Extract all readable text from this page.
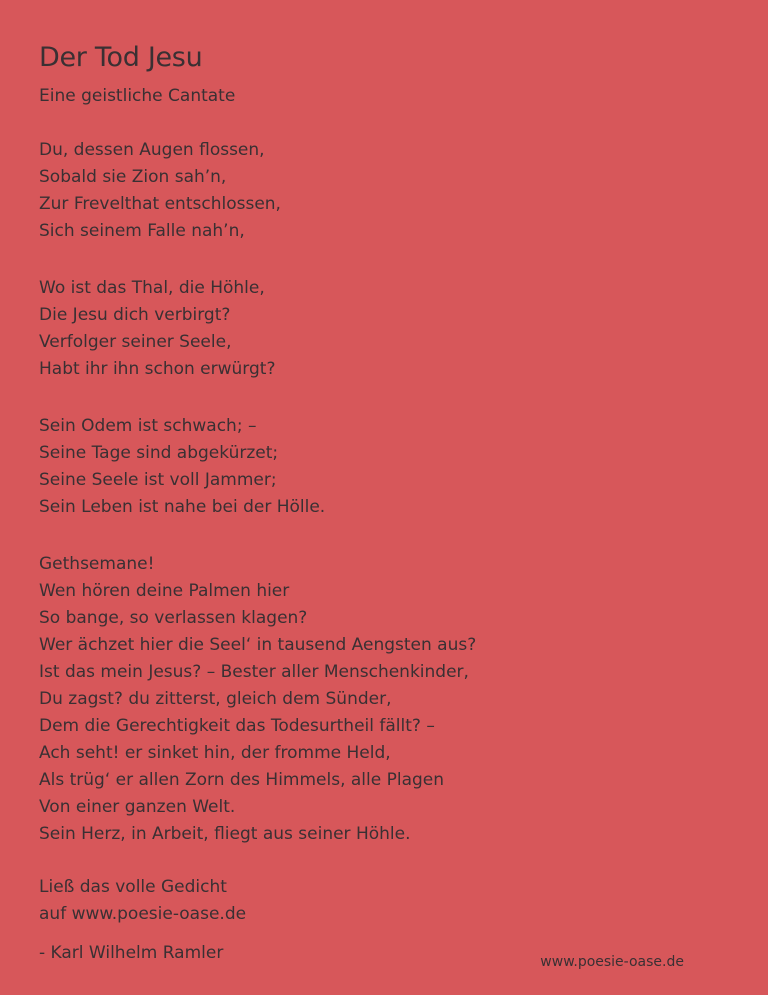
Der Tod Jesu
Eine geistliche Cantate
Du, dessen Augen flossen,
Sobald sie Zion sah’n,
Zur Frevelthat entschlossen,
Sich seinem Falle nah’n,
Wo ist das Thal, die Höhle,
Die Jesu dich verbirgt?
Verfolger seiner Seele,
Habt ihr ihn schon erwürgt?
Sein Odem ist schwach; –
Seine Tage sind abgekürzet;
Seine Seele ist voll Jammer;
Sein Leben ist nahe bei der Hölle.
Gethsemane!
Wen hören deine Palmen hier
So bange, so verlassen klagen?
Wer ächzet hier die Seel‘ in tausend Aengsten aus?
Ist das mein Jesus? – Bester aller Menschenkinder,
Du zagst? du zitterst, gleich dem Sünder,
Dem die Gerechtigkeit das Todesurtheil fällt? –
Ach seht! er sinket hin, der fromme Held,
Als trüg‘ er allen Zorn des Himmels, alle Plagen
Von einer ganzen Welt.
Sein Herz, in Arbeit, fliegt aus seiner Höhle.
Ließ das volle Gedicht
auf www.poesie-oase.de
- Karl Wilhelm Ramler	www.poesie-oase.de
